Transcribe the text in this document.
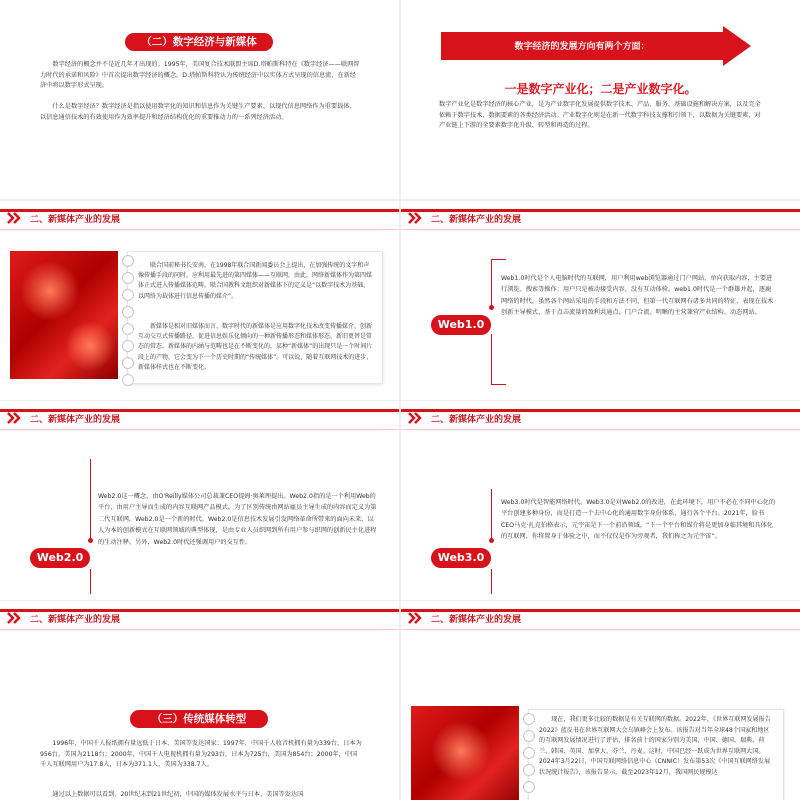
（二）数字经济与新媒体

数字经济的概念并不是近几年才出现的。1995年，美国复合技术联盟主席D.塔帕斯科特在《数字经济——联网智力时代的承诺和风险》中首次提出数字经济的概念。D.塔帕斯科特认为传统经济中以实体方式呈现的信息流，在新经济中将以数字形式呈现。

什么是数字经济？数字经济是指以使用数字化的知识和信息作为关键生产要素、以现代信息网络作为重要载体、以信息通信技术的有效使用作为效率提升和经济结构优化的重要推动力的一系列经济活动。

数字经济的发展方向有两个方面：
一是数字产业化；二是产业数字化。

数字产业化是数字经济的核心产业，是为产业数字化发展提供数字技术、产品、服务、基础设施和解决方案，以及完全依赖于数字技术、数据要素的各类经济活动。产业数字化则是在新一代数字科技支撑和引领下，以数据为关键要素，对产业链上下游的全要素数字化升级、转型和再造的过程。

二、新媒体产业的发展

联合国前秘书长安南，在1998年联合国新闻委员会上提出，在加强传统的文字和声像传播手段的同时，应利用最先进的第四媒体——互联网，由此，网络新媒体作为第四媒体正式进入传播媒体范畴。联合国教科文组织对新媒体下的定义是“以数字技术为基础，以网络为载体进行信息传播的媒介”。

新媒体是相对旧媒体而言，数字时代的新媒体是应用数字化技术改变传播媒介，创新互动交互式传播路径，促进信息娱乐化倾向的一种新传播形态和媒体形态。新旧更替是常态的常态。新媒体的内涵与范畴也是在不断变化的，某种“新媒体”的出现只是一个时间片段上的产物，它会变为下一个历史时期的“传统媒体”。可以说，随着互联网技术的进步，新媒体样式也在不断变化。

二、新媒体产业的发展
Web1.0

Web1.0时代是个人电脑时代的互联网，用户利用web浏览器通过门户网站，单向获取内容，主要进行浏览、搜索等操作；用户只是被动接受内容，没有互动体验。web1.0时代是一个群雄并起，逐鹿网络的时代，虽然各个网站采用的手段和方法不同，但第一代互联网有诸多共同的特征，表现在技术创新主导模式、基于点击流量的盈利共通点、门户合流、明晰的主营兼营产业结构、动态网站。

二、新媒体产业的发展
Web2.0

Web2.0这一概念，由O'Reilly媒体公司总裁兼CEO提姆·奥莱理提出。Web2.0指的是一个利用Web的平台，由用户主导而生成的内容互联网产品模式，为了区别传统由网站雇员主导生成的内容而定义为第二代互联网，Web2.0是一个新的时代。Web2.0是信息技术发展引发网络革命所带来的面向未来、以人为本的创新模式在互联网领域的典型体现，是由专业人员织网到所有用户参与织网的创新民主化进程的生动注释。另外，Web2.0时代还强调用户的交互性。

二、新媒体产业的发展
Web3.0

Web3.0时代是智能网络时代。Web3.0是对Web2.0的改进，在此环境下，用户不必在不同中心化的平台创建多种身份，而是打造一个去中心化的通用数字身份体系，通行各个平台。2021年，脸书CEO马克·扎克伯格表示，元宇宙是下一个前沿领域，“下一个平台和媒介将是更加身临其境和具体化的互联网，你将置身于体验之中，而不仅仅是作为旁观者，我们称之为元宇宙”。

二、新媒体产业的发展
（三）传统媒体转型

1996年，中国千人报纸拥有量远低于日本、美国等发达国家；1997年，中国千人收音机拥有量为339台，日本为956台，美国为2118台；2000年，中国千人电视机拥有量为293台，日本为725台，美国为854台；2000年，中国千人互联网用户为17.8人，日本为371.1人，美国为338.7人。

通过以上数据可以看到，20世纪末到21世纪初，中国的媒体发展水平与日本、美国等发达国

二、新媒体产业的发展

现在，我们更多比较的数据是有关互联网的数据。2022年，《世界互联网发展报告2022》蓝皮书在世界互联网大会乌镇峰会上发布。该报告对当年全球48个国家和地区的互联网发展情况进行了评估，排名前十的国家分别为美国、中国、德国、瑞典、荷兰、韩国、英国、加拿大、芬兰、丹麦。这时，中国已经一跃成为世界互联网大国。2024年3月22日，中国互联网络信息中心（CNNIC）发布第53次《中国互联网络发展状况统计报告》，该报告显示，截至2023年12月，我国网民规模达
